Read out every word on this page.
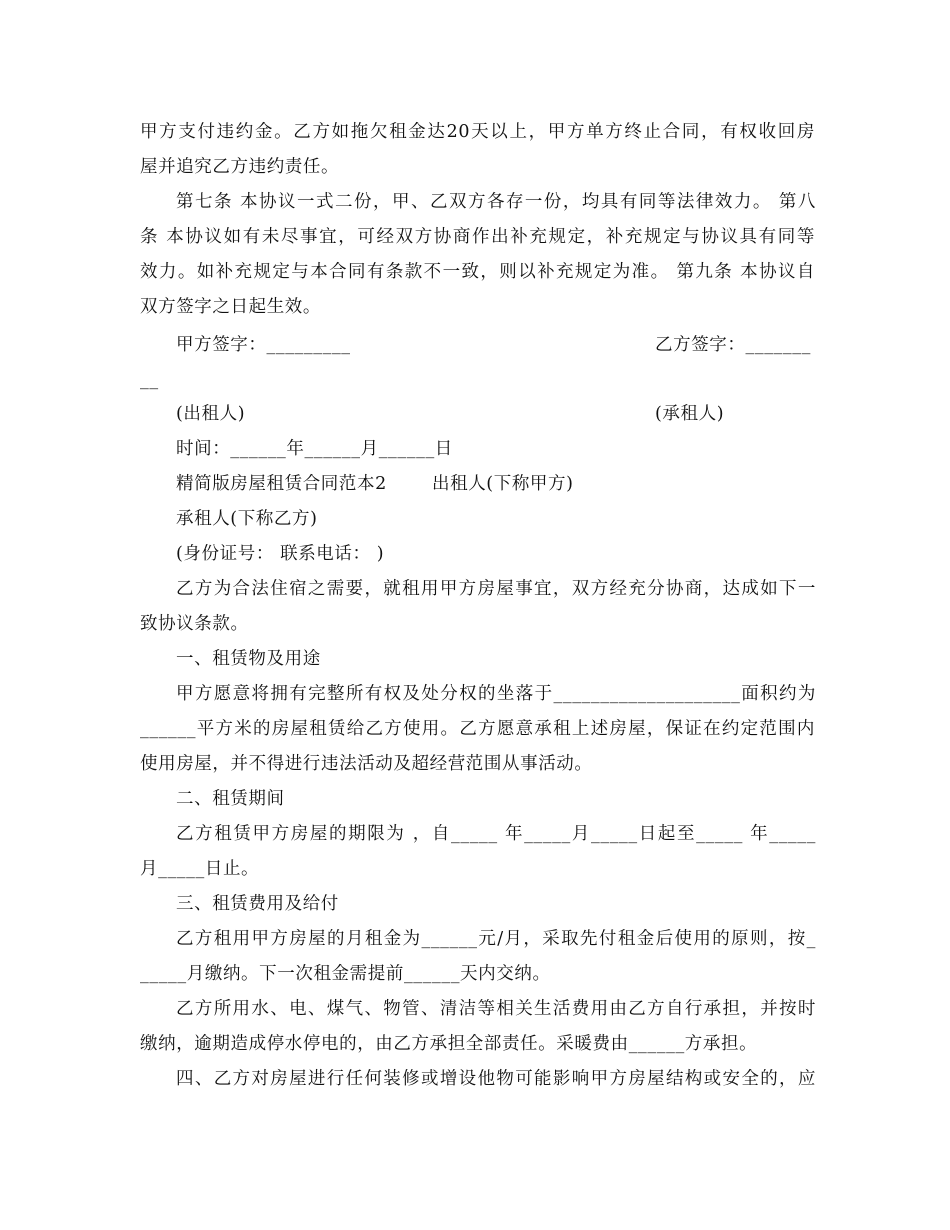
甲方支付违约金。乙方如拖欠租金达20天以上，甲方单方终止合同，有权收回房
屋并追究乙方违约责任。
第七条 本协议一式二份，甲、乙双方各存一份，均具有同等法律效力。 第八
条 本协议如有未尽事宜，可经双方协商作出补充规定，补充规定与协议具有同等
效力。如补充规定与本合同有条款不一致，则以补充规定为准。 第九条 本协议自
双方签字之日起生效。
甲方签字：_________	乙方签字：_______
__
(出租人)	(承租人)
时间：______年______月______日
精简版房屋租赁合同范本2	出租人(下称甲方)
承租人(下称乙方)
(身份证号： 联系电话： )
乙方为合法住宿之需要，就租用甲方房屋事宜，双方经充分协商，达成如下一
致协议条款。
一、租赁物及用途
甲方愿意将拥有完整所有权及处分权的坐落于____________________面积约为
______平方米的房屋租赁给乙方使用。乙方愿意承租上述房屋，保证在约定范围内
使用房屋，并不得进行违法活动及超经营范围从事活动。
二、租赁期间
乙方租赁甲方房屋的期限为 ，自_____ 年_____月_____日起至_____ 年_____
月_____日止。
三、租赁费用及给付
乙方租用甲方房屋的月租金为______元/月，采取先付租金后使用的原则，按_
_____月缴纳。下一次租金需提前______天内交纳。
乙方所用水、电、煤气、物管、清洁等相关生活费用由乙方自行承担，并按时
缴纳，逾期造成停水停电的，由乙方承担全部责任。采暖费由______方承担。
四、乙方对房屋进行任何装修或增设他物可能影响甲方房屋结构或安全的，应
